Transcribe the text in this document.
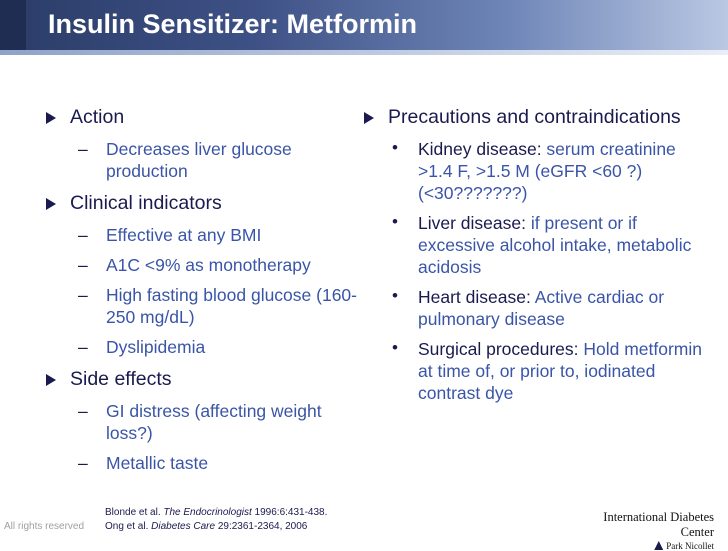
Insulin Sensitizer: Metformin
Action
– Decreases liver glucose production
Clinical indicators
– Effective at any BMI
– A1C <9% as monotherapy
– High fasting blood glucose (160-250 mg/dL)
– Dyslipidemia
Side effects
– GI distress (affecting weight loss?)
– Metallic taste
Precautions and contraindications
• Kidney disease: serum creatinine >1.4 F, >1.5 M (eGFR <60 ?)(<30???????)
• Liver disease: if present or if excessive alcohol intake, metabolic acidosis
• Heart disease: Active cardiac or pulmonary disease
• Surgical procedures: Hold metformin at time of, or prior to, iodinated contrast dye
Blonde et al. The Endocrinologist 1996:6:431-438.
Ong et al. Diabetes Care 29:2361-2364, 2006
All rights reserved
International Diabetes Center
Park Nicollet
